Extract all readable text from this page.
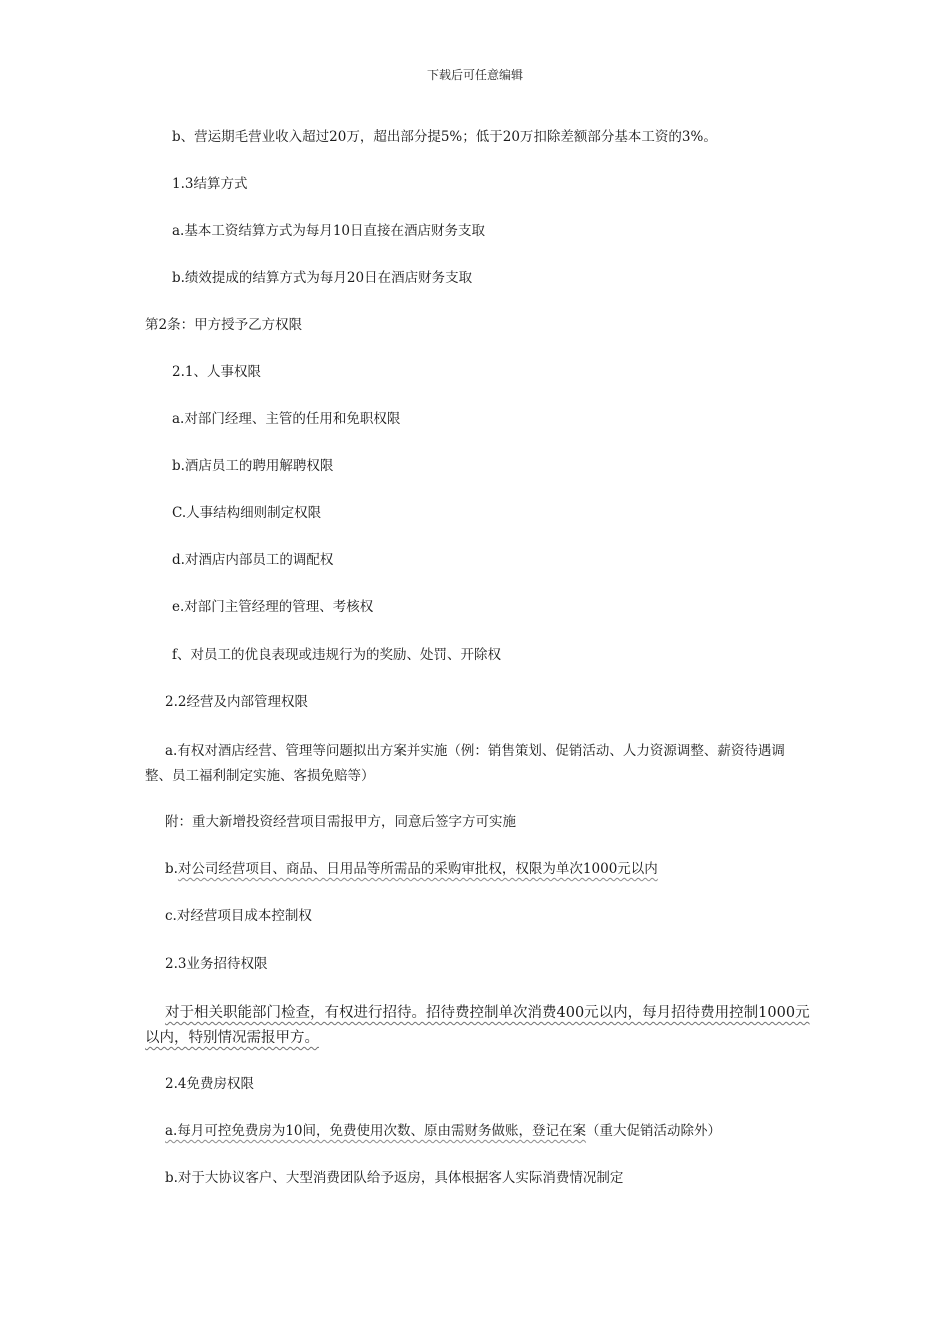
下载后可任意编辑
b、营运期毛营业收入超过20万，超出部分提5%；低于20万扣除差额部分基本工资的3%。
1.3结算方式
a.基本工资结算方式为每月10日直接在酒店财务支取
b.绩效提成的结算方式为每月20日在酒店财务支取
第2条：甲方授予乙方权限
2.1、人事权限
a.对部门经理、主管的任用和免职权限
b.酒店员工的聘用解聘权限
C.人事结构细则制定权限
d.对酒店内部员工的调配权
e.对部门主管经理的管理、考核权
f、对员工的优良表现或违规行为的奖励、处罚、开除权
2.2经营及内部管理权限
a.有权对酒店经营、管理等问题拟出方案并实施（例：销售策划、促销活动、人力资源调整、薪资待遇调整、员工福利制定实施、客损免赔等）
附：重大新增投资经营项目需报甲方，同意后签字方可实施
b.对公司经营项目、商品、日用品等所需品的采购审批权，权限为单次1000元以内
c.对经营项目成本控制权
2.3业务招待权限
对于相关职能部门检查，有权进行招待。招待费控制单次消费400元以内，每月招待费用控制1000元以内，特别情况需报甲方。
2.4免费房权限
a.每月可控免费房为10间，免费使用次数、原由需财务做账，登记在案（重大促销活动除外）
b.对于大协议客户、大型消费团队给予返房，具体根据客人实际消费情况制定
